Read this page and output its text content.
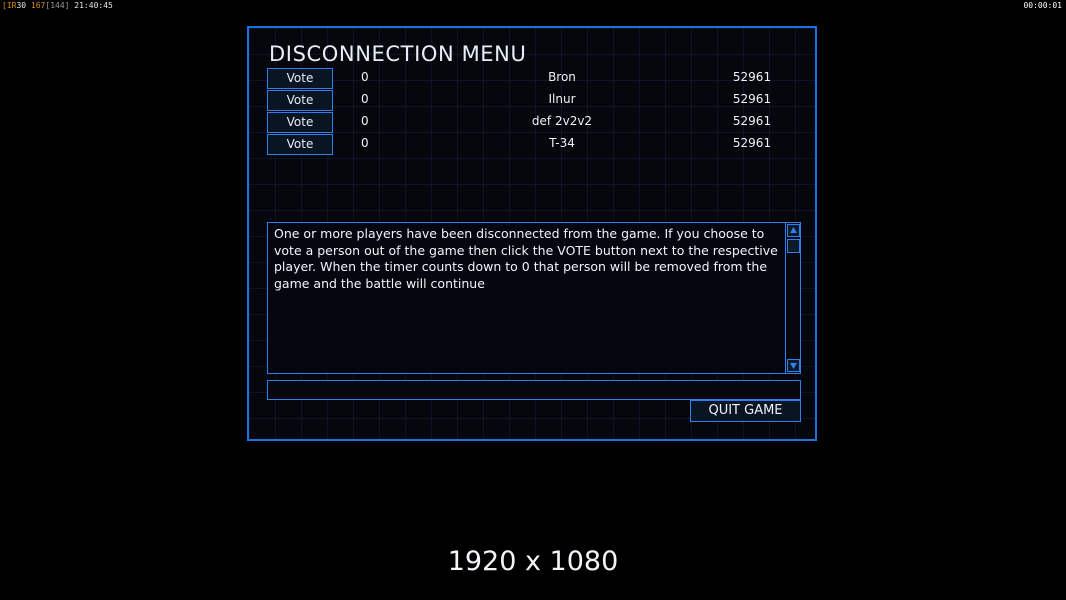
[IR30 167[144] 21:40:45	00:00:01
DISCONNECTION MENU
Vote	0	Bron	52961
Vote	0	Ilnur	52961
Vote	0	def 2v2v2	52961
Vote	0	T-34	52961
One or more players have been disconnected from the game. If you choose to vote a person out of the game then click the VOTE button next to the respective player. When the timer counts down to 0 that person will be removed from the game and the battle will continue
QUIT GAME
1920 x 1080
